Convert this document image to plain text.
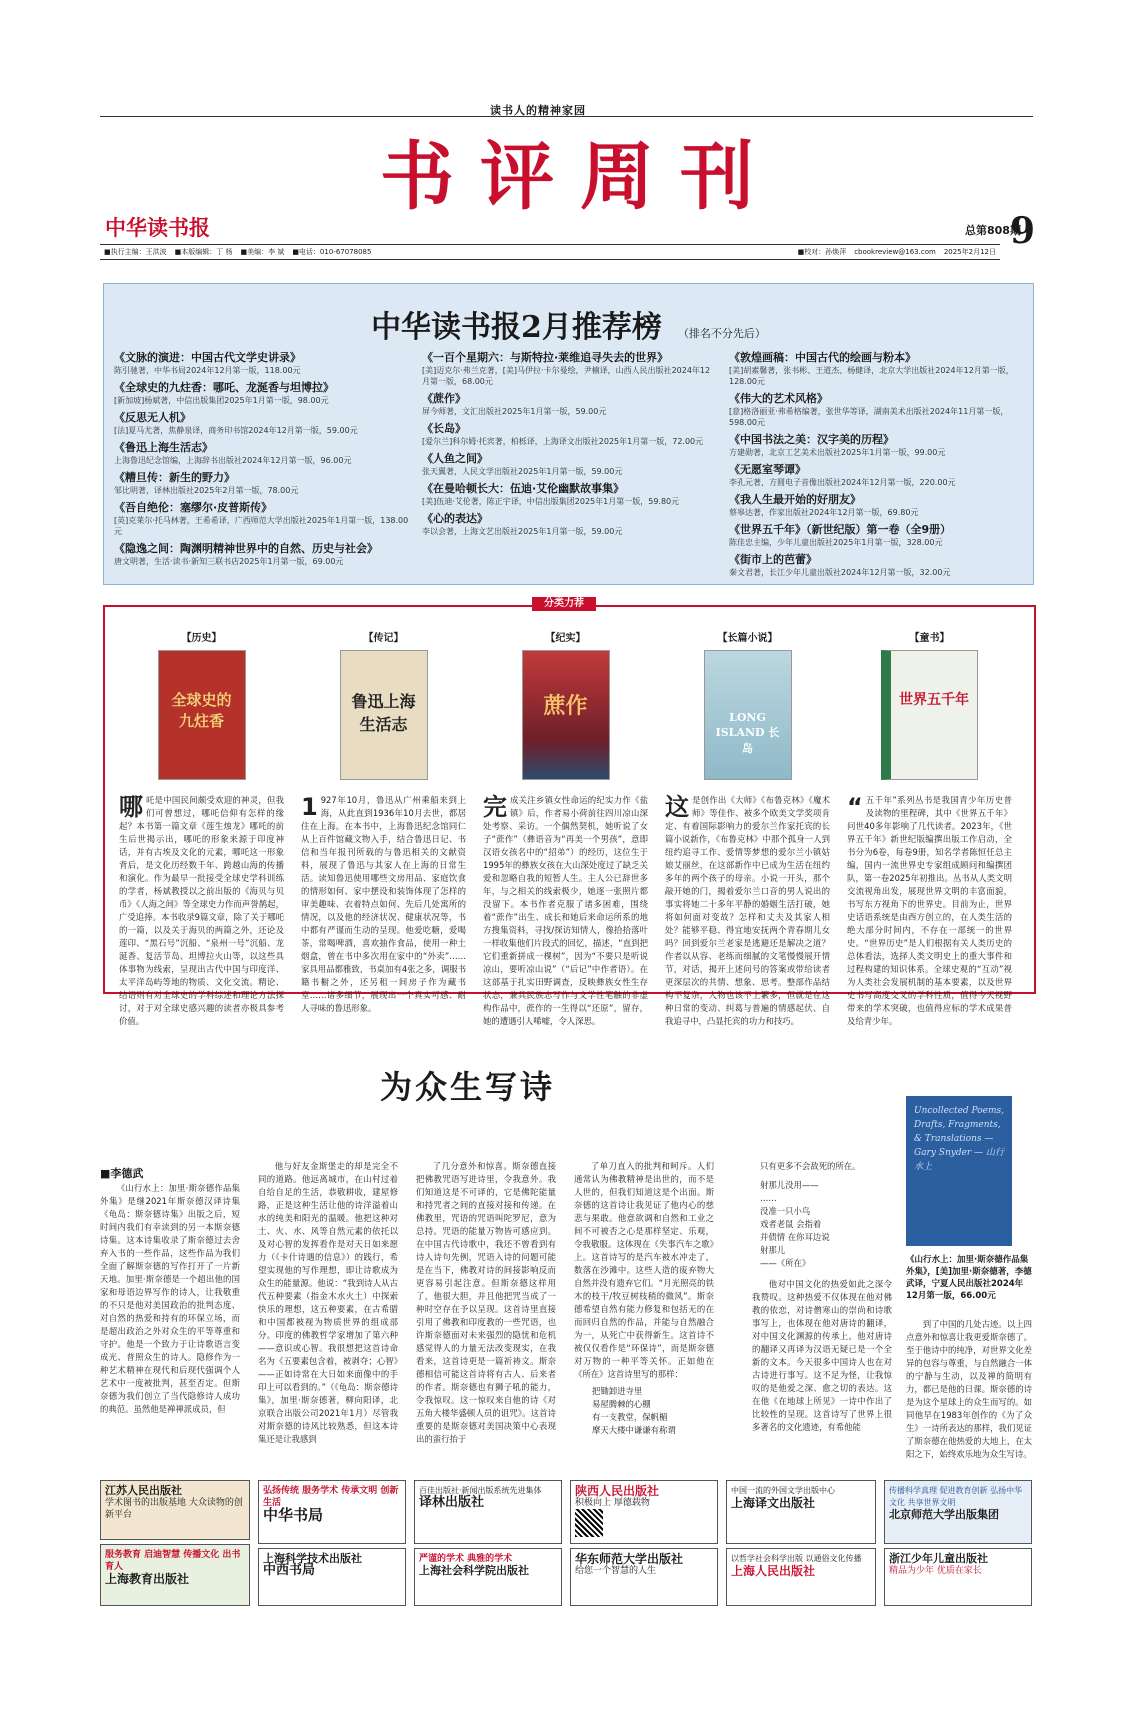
读书人的精神家园
书评周刊
中华读书报	总第808期
9
■执行主编：王洪波	■本版编辑：丁 杨	■美编：李 斌	■电话：010-67078085	■校对：孙焕萍	cbookreview@163.com	2025年2月12日
中华读书报2月推荐榜 （排名不分先后）
《文脉的演进：中国古代文学史讲录》
陈引驰著，中华书局2024年12月第一版，118.00元
《全球史的九炷香：哪吒、龙涎香与坦博拉》
[新加坡]杨斌著，中信出版集团2025年1月第一版，98.00元
《反思无人机》
[法]夏马尤著，焦静泉译，商务印书馆2024年12月第一版，59.00元
《鲁迅上海生活志》
上海鲁迅纪念馆编，上海辞书出版社2024年12月第一版，96.00元
《糟旦传：新生的野力》
邹比明著，译林出版社2025年2月第一版，78.00元
《吾自绝伦：塞缪尔·皮普斯传》
[英]克莱尔·托马林著，王希希译，广西师范大学出版社2025年1月第一版，138.00元
《隐逸之间：陶渊明精神世界中的自然、历史与社会》
唐文明著，生活·读书·新知三联书店2025年1月第一版，69.00元
《一百个星期六：与斯特拉·莱维追寻失去的世界》
[美]迈克尔·弗兰克著，[美]马伊拉·卡尔曼绘，尹楠译，山西人民出版社2024年12月第一版，68.00元
《蔗作》
屏今师著，文汇出版社2025年1月第一版，59.00元
《长岛》
[爱尔兰]科尔姆·托宾著，柏栎译，上海译文出版社2025年1月第一版，72.00元
《人鱼之间》
张天翼著，人民文学出版社2025年1月第一版，59.00元
《在曼哈顿长大：伍迪·艾伦幽默故事集》
[美]伍迪·艾伦著，陈正宇译，中信出版集团2025年1月第一版，59.80元
《心的表达》
李以会著，上海文艺出版社2025年1月第一版，59.00元
《敦煌画稿：中国古代的绘画与粉本》
[美]胡素馨著，张书彬、王道杰、杨健译，北京大学出版社2024年12月第一版，128.00元
《伟大的艺术风格》
[意]格洛丽亚·弗希格编著，张世华等译，湖南美术出版社2024年11月第一版，598.00元
《中国书法之美：汉字美的历程》
方建勋著，北京工艺美术出版社2025年1月第一版，99.00元
《无愿室琴谭》
李孔元著，方圆电子音像出版社2024年12月第一版，220.00元
《我人生最开始的好朋友》
蔡皋达著，作家出版社2024年12月第一版，69.80元
《世界五千年》（新世纪版）第一卷（全9册）
陈佳忠主编，少年儿童出版社2025年1月第一版，328.00元
《街市上的芭蕾》
秦文君著，长江少年儿童出版社2024年12月第一版，32.00元
【历史】
全球史的九炷香
哪吒是中国民间颇受欢迎的神灵，但我们可曾想过，哪吒信仰有怎样的缘起？本书第一篇文章《莲生烛龙》哪吒的前生后世揭示出，哪吒的形象来源于印度神话，并有古埃及文化的元素，哪吒这一形象背后，是文化历经数千年、跨越山海的传播和演化。作为最早一批接受全球史学科训练的学者，杨斌教授以之前出版的《海贝与贝币》《人海之间》等全球史力作而声誉鹊起，广受追捧。本书收录9篇文章，除了关于哪吒的一篇，以及关于海贝的两篇之外，还论及莲印、“黑石号”沉船、“泉州一号”沉船、龙涎香、复活节岛、坦博拉火山等，以这些具体事物为线索，呈现出古代中国与印度洋、太平洋岛屿等地的物质、文化交流。精论、结语则有对全球史的学科综述和理论方法探讨，对于对全球史感兴趣的读者亦极具参考价值。
【传记】
鲁迅上海生活志
1 927年10月，鲁迅从广州乘船来到上海，从此直到1936年10月去世，都居住在上海。在本书中，上海鲁迅纪念馆同仁从上百件馆藏文物入手，结合鲁迅日记、书信和当年报刊所载的与鲁迅相关的文献资料，展现了鲁迅与其家人在上海的日常生活。读知鲁迅使用哪些文房用品、家庭饮食的情形如何、家中摆设和装饰体现了怎样的审美趣味、衣着特点如何、先后几处寓所的情况，以及他的经济状况、健康状况等，书中都有严谨而生动的呈现。他爱吃糖，爱喝茶，常喝啤酒，喜欢抽作食品，使用一种土烟盒，曾在书中多次用在家中的“外卖”……家具用品都雅致，书桌加有4张之多，调服书籍书橱之外，还另租一间房子作为藏书室……诸多细节，展现出一个真实可感、耐人寻味的鲁迅形象。
【纪实】
蔗作
完成关注乡镇女性命运的纪实力作《盐镇》后，作者易小荷前往四川凉山深处考察、采访。一个偶然契机，她听说了女子“蔗作”（彝语音为“再美一个男孩”，意即汉语女孩名中的“招弟”）的经历，这位生于1995年的彝族女孩在大山深处度过了缺乏关爱和忽略自我的短暂人生。主人公已辞世多年，与之相关的线索极少，她逐一张照片都没留下。本书作者克服了诸多困难，围绕着“蔗作”出生、成长和她后来命运所系的地方搜集资料，寻找/探访知情人，像拾拾落叶一样收集他们片段式的回忆，描述，“直到把它们重新拼成一棵树”，因为“不要只是听说凉山，要听凉山说”（“后记”中作者语）。在这部基于扎实田野调查，反映彝族女性生存状态，兼具民族志写作与文学性笔触的非虚构作品中，蔗作的一生得以“还原”，留存，她的遭遇引人唏嘘，令人深思。
【长篇小说】
LONG ISLAND 长岛
这是创作出《大师》《布鲁克林》《魔术师》等佳作、被多个欧美文学奖项肯定、有着国际影响力的爱尔兰作家托宾的长篇小说新作，《布鲁克林》中那个孤身一人到纽约追寻工作、爱情等梦想的爱尔兰小镇姑娘艾丽丝，在这部新作中已成为生活在纽约多年的两个孩子的母亲。小说一开头，那个敲开她的门，揭着爱尔兰口音的男人说出的事实将她二十多年平静的婚姻生活打破，她将如何面对变故？怎样和丈夫及其家人相处？能够平稳、得宜地安抚两个青春期儿女吗？回到爱尔兰老家是逃避还是解决之道？作者以从容、老练而细腻的文笔慢慢展开情节，对话，揭开上述问号的答案或带给读者更深层次的共情、想象、思考。整部作品结构不复杂，人物也该不上繁多，但就是在这种日常的变动、纠葛与普遍的情感起伏、自我追寻中，凸显托宾的功力和技巧。
【童书】
世界五千年
“ 五千年”系列丛书是我国青少年历史普及读物的里程碑，其中《世界五千年》问世40多年影响了几代读者。2023年，《世界五千年》新世纪版编撰出版工作启动，全书分为6卷，每卷9册，知名学者陈恒任总主编，国内一流世界史专家组成顾问和编撰团队，第一卷2025年初推出。丛书从人类文明交流视角出发，展现世界文明的丰富面貌，书写东方视角下的世界史。目前为止，世界史话语系统是由西方创立的，在人类生活的绝大部分时间内，不存在一部统一的世界史。“世界历史”是人们根据有关人类历史的总体看法，选择人类文明史上的重大事件和过程构建的知识体系。全球史观的“互动”视为人类社会发展机制的基本要素，以及世界史书写高度交叉的学科性质，值得今天视野带来的学术突破，也值得应标的学术成果普及给青少年。
分类力荐
为众生写诗
Uncollected Poems, Drafts, Fragments, & Translations — Gary Snyder — 山行水上
《山行水上：加里·斯奈德作品集外集》，[美]加里·斯奈德著，李德武译，宁夏人民出版社2024年12月第一版，66.00元
■李德武

《山行水上：加里·斯奈德作品集外集》是继2021年斯奈德汉译诗集《龟岛：斯奈德诗集》出版之后，短时间内我们有幸读到的另一本斯奈德诗集。这本诗集收录了斯奈德过去舍弃入书的一些作品，这些作品为我们全面了解斯奈德的写作打开了一片新天地。加里·斯奈德是一个超出他的国家和母语边界写作的诗人，让我敬重的不只是他对美国政治的批判态度、对自然的热爱和持有的环保立场，而是超出政治之外对众生的平等尊重和守护。他是一个致力于让诗歌语言变成光、普照众生的诗人。隐修作为一种艺术精神在现代和后现代强调个人艺术中一度被批判，甚至否定。但斯奈德为我们创立了当代隐修诗人成功的典范。虽然他是禅禅派成员，但

他与好友金斯堡走的却是完全不同的道路。他远离城市，在山村过着自给自足的生活，恭敬耕收，建屋修路，正是这种生活让他的诗洋溢着山水的纯美和阳光的温暖。他把这种对土、火、水、风等自然元素的依托以及对心智的发挥看作是对天日如来愿力（《卡什诗遇的信息》）的践行，希望实现他的写作理想，即让诗歌成为众生的能量源。他说：“我到诗人从古代五种要素（指金木水火土）中探索快乐的理想，这五种要素，在古希腊和中国都被视为物质世界的组成部分。印度的佛教哲学家增加了第六种——意识或心智。我很想把这首诗命名为《五要素包含着，被剥夺；心智》——正如诗常在大日如来面像中的手印上可以看到的。”（《龟岛：斯奈德诗集》，加里·斯奈德著，柳向阳译，北京联合出版公司2021年1月）尽管我对斯奈德的诗风比较熟悉，但这本诗集还是让我感到

了几分意外和惊喜。斯奈德直接把佛教咒语写进诗里，令我意外。我们知道这是不可译的，它是佛陀能量和持咒者之间的直接对接和传递。在佛教里，咒语的咒语叫陀罗尼，意为总持。咒语的能量万物皆可感应到。在中国古代诗歌中，我还不曾看到有诗人诗句先例，咒语入诗的问题可能是在当下，佛教对诗的间接影响反而更容易引起注意。但斯奈德这样用了，他很大胆，并且他把咒当成了一种时空存在予以呈现。这首诗里直接引用了佛教和印度教的一些咒语，也许斯奈德面对未来强烈的隐忧和危机感觉得人的力量无法改变现实，在我看来，这首诗更是一篇祈祷文。斯奈德相信可能这首诗将有古人、后来者的作者。斯奈德也有狮子吼的能力，令我惊叹。这一惊叹来自他的诗《对五角大楼华盛顿人员的诅咒》。这首诗重要的是斯奈德对美国决策中心表现出的蛮行抬于

了单刀直入的批判和呵斥。人们通常认为佛教精神是出世的，而不是人世的，但我们知道这是个出面。斯奈德的这首诗让我见证了他内心的慈悲与果敢。他意欲调和自然和工业之间不可被否之心是那样坚定、乐观，令我敬服。这体现在《失事汽车之歌》上。这首诗写的是汽车被水冲走了，数落在沙滩中。这些人造的废弃物大自然并没有遗弃它们。“月光照亮的铁木的枝干/牧豆树枝稍的微风”。斯奈德希望自然有能力修复和包括无的在而回归自然的作品，并能与自然融合为一，从死亡中获得新生。这首诗不被仅仅看作是“环保诗”，而是斯奈德对万物的一种平等关怀。正如他在《所在》这首诗里写的那样：

把锄卸进寺里
易屋腾棘的心棚
有一支教堂，保帆楣
摩天大楼中谦谦有称谓
只有更多不会敌死的所在。
射那儿没用——
……
没准一只小鸟
戏者老鼠 会指着
并债情 在你耳边说
射那儿
——《所在》

他对中国文化的热爱如此之深令我赞叹。这种热爱不仅体现在他对佛教的依恋，对诗僧寒山的崇尚和诗歌事写上，也体现在他对唐诗的翻译，对中国文化渊源的传承上。他对唐诗的翻译又再译为汉语无疑已是一个全新的文本。今天很多中国诗人也在对古诗进行事写。这不足为怪，让我惊叹的是他爱之深、愈之切的表达。这在他《在地球上所见》一诗中作出了比较性的呈现。这首诗写了世界上很多著名的文化遗迹，有希他能

到了中国的几处古迹。以上四点意外和惊喜让我更爱斯奈德了。至于他诗中的纯净，对世界文化差异的包容与尊重，与自然融合一体的宁静与生动，以及禅的简明有力，都已是他的日课。斯奈德的诗是为这个星球上的众生而写的。如同他早在1983年创作的《为了众生》一诗所表达的那样，我们见证了斯奈德在他热爱的大地上，在太阳之下，始终欢乐地为众生写诗。

江苏人民出版社
学术图书的出版基地 大众读物的创新平台
服务教育 启迪智慧 传播文化 出书育人
上海教育出版社
弘扬传统 服务学术 传承文明 创新生活
中华书局
上海科学技术出版社
中西书局
百佳出版社·新闻出版系统先进集体
译林出版社
严谨的学术 典雅的学术
上海社会科学院出版社
陕西人民出版社
积极向上 厚德载物
华东师范大学出版社
给您一个智慧的人生
中国一流的外国文学出版中心
上海译文出版社
以哲学社会科学出版 以通俗文化传播
上海人民出版社
传播科学真理 促进教育创新 弘扬中华文化 共享世界文明
北京师范大学出版集团
浙江少年儿童出版社
精品为少年 优质在家长
